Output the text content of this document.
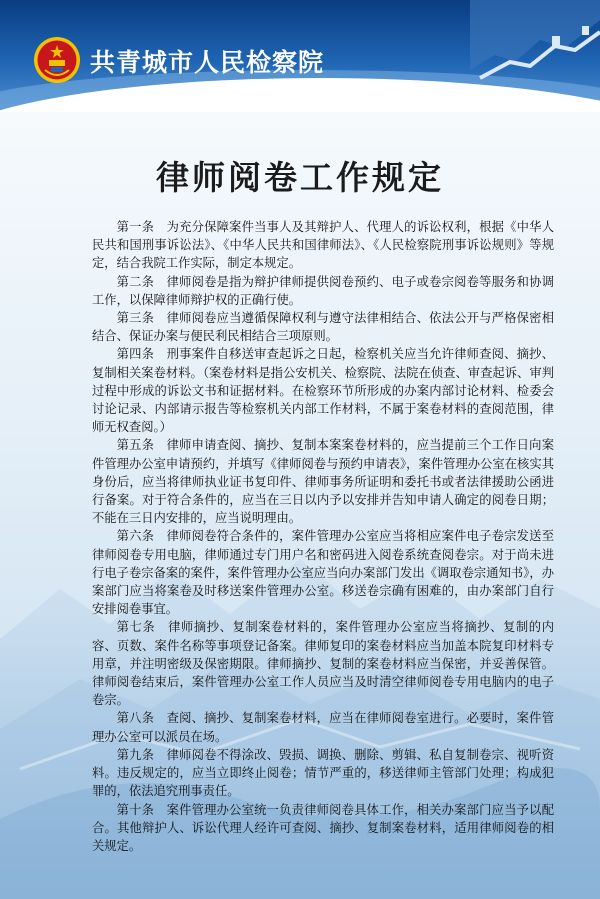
共青城市人民检察院
律师阅卷工作规定

第一条　为充分保障案件当事人及其辩护人、代理人的诉讼权利，根据《中华人民共和国刑事诉讼法》、《中华人民共和国律师法》、《人民检察院刑事诉讼规则》等规定，结合我院工作实际，制定本规定。

第二条　律师阅卷是指为辩护律师提供阅卷预约、电子或卷宗阅卷等服务和协调工作，以保障律师辩护权的正确行使。

第三条　律师阅卷应当遵循保障权利与遵守法律相结合、依法公开与严格保密相结合、保证办案与便民利民相结合三项原则。

第四条　刑事案件自移送审查起诉之日起，检察机关应当允许律师查阅、摘抄、复制相关案卷材料。（案卷材料是指公安机关、检察院、法院在侦查、审查起诉、审判过程中形成的诉讼文书和证据材料。在检察环节所形成的办案内部讨论材料、检委会讨论记录、内部请示报告等检察机关内部工作材料，不属于案卷材料的查阅范围，律师无权查阅。）

第五条　律师申请查阅、摘抄、复制本案案卷材料的，应当提前三个工作日向案件管理办公室申请预约，并填写《律师阅卷与预约申请表》，案件管理办公室在核实其身份后，应当将律师执业证书复印件、律师事务所证明和委托书或者法律援助公函进行备案。对于符合条件的，应当在三日以内予以安排并告知申请人确定的阅卷日期；不能在三日内安排的，应当说明理由。

第六条　律师阅卷符合条件的，案件管理办公室应当将相应案件电子卷宗发送至律师阅卷专用电脑，律师通过专门用户名和密码进入阅卷系统查阅卷宗。对于尚未进行电子卷宗备案的案件，案件管理办公室应当向办案部门发出《调取卷宗通知书》，办案部门应当将案卷及时移送案件管理办公室。移送卷宗确有困难的，由办案部门自行安排阅卷事宜。

第七条　律师摘抄、复制案卷材料的，案件管理办公室应当将摘抄、复制的内容、页数、案件名称等事项登记备案。律师复印的案卷材料应当加盖本院复印材料专用章，并注明密级及保密期限。律师摘抄、复制的案卷材料应当保密，并妥善保管。律师阅卷结束后，案件管理办公室工作人员应当及时清空律师阅卷专用电脑内的电子卷宗。

第八条　查阅、摘抄、复制案卷材料，应当在律师阅卷室进行。必要时，案件管理办公室可以派员在场。

第九条　律师阅卷不得涂改、毁损、调换、删除、剪辑、私自复制卷宗、视听资料。违反规定的，应当立即终止阅卷；情节严重的，移送律师主管部门处理；构成犯罪的，依法追究刑事责任。

第十条　案件管理办公室统一负责律师阅卷具体工作，相关办案部门应当予以配合。其他辩护人、诉讼代理人经许可查阅、摘抄、复制案卷材料，适用律师阅卷的相关规定。
